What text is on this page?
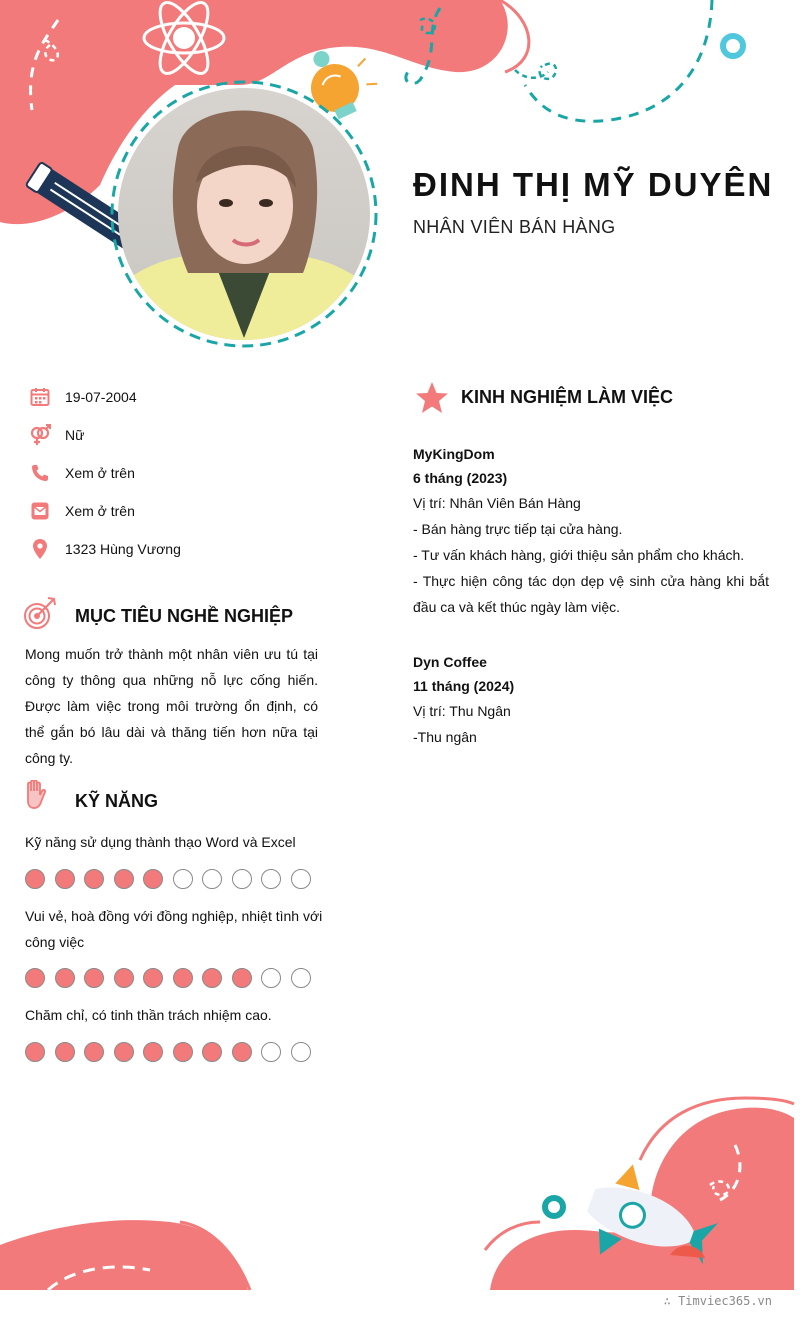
ĐINH THỊ MỸ DUYÊN
NHÂN VIÊN BÁN HÀNG
19-07-2004
Nữ
Xem ở trên
Xem ở trên
1323 Hùng Vương
MỤC TIÊU NGHỀ NGHIỆP
Mong muốn trở thành một nhân viên ưu tú tại công ty thông qua những nỗ lực cống hiến. Được làm việc trong môi trường ổn định, có thể gắn bó lâu dài và thăng tiến hơn nữa tại công ty.
KỸ NĂNG
Kỹ năng sử dụng thành thạo Word và Excel
Vui vẻ, hoà đồng với đồng nghiệp, nhiệt tình với công việc
Chăm chỉ, có tinh thần trách nhiệm cao.
KINH NGHIỆM LÀM VIỆC
MyKingDom
6 tháng (2023)
Vị trí: Nhân Viên Bán Hàng
- Bán hàng trực tiếp tại cửa hàng.
- Tư vấn khách hàng, giới thiệu sản phẩm cho khách.
- Thực hiện công tác dọn dẹp vệ sinh cửa hàng khi bắt đầu ca và kết thúc ngày làm việc.
Dyn Coffee
11 tháng (2024)
Vị trí: Thu Ngân
-Thu ngân
∴ Timviec365.vn
